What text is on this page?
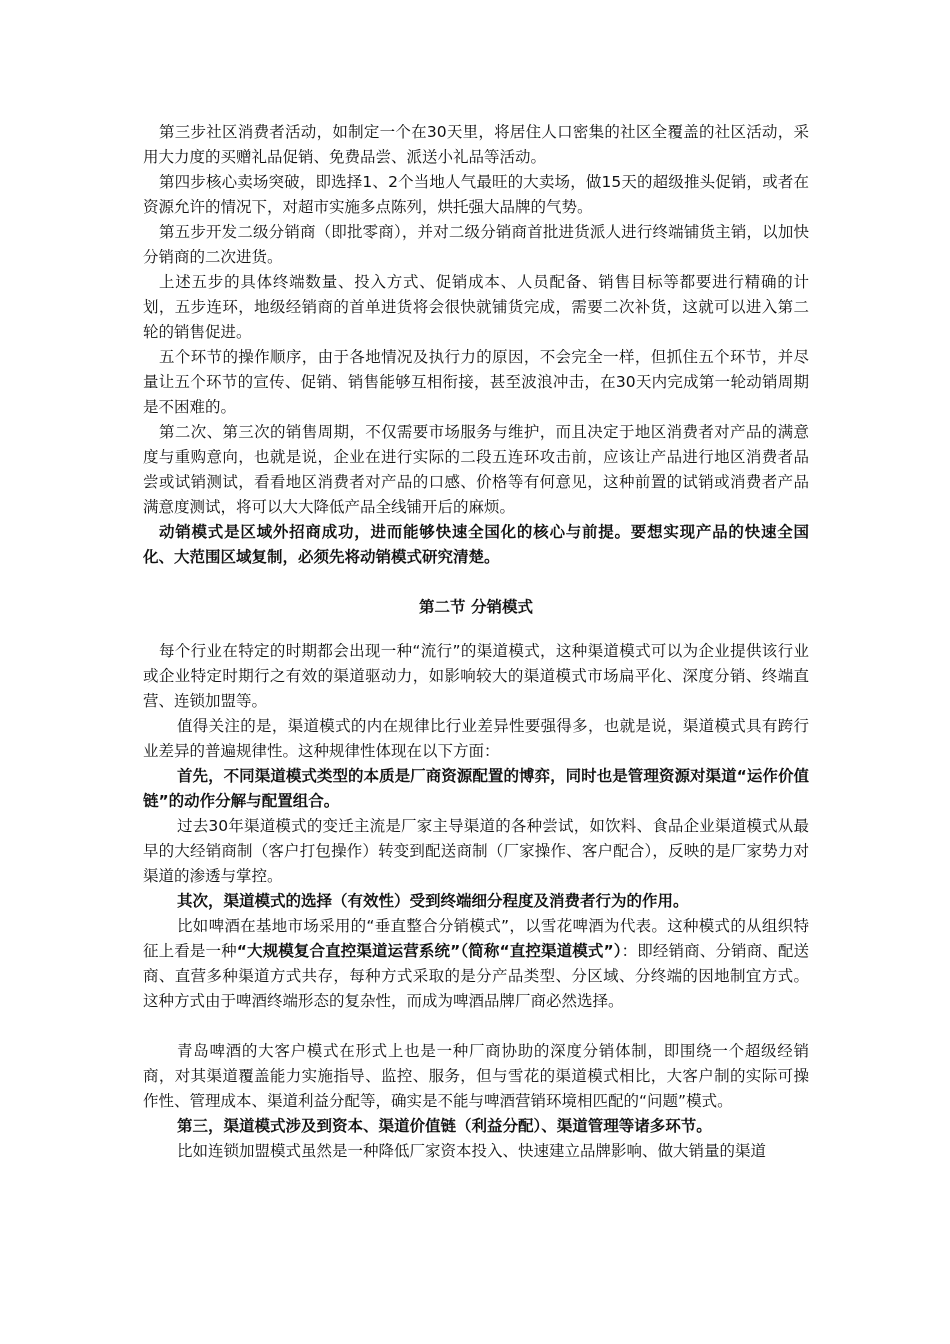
第三步社区消费者活动，如制定一个在30天里，将居住人口密集的社区全覆盖的社区活动，采用大力度的买赠礼品促销、免费品尝、派送小礼品等活动。

第四步核心卖场突破，即选择1、2个当地人气最旺的大卖场，做15天的超级推头促销，或者在资源允许的情况下，对超市实施多点陈列，烘托强大品牌的气势。

第五步开发二级分销商（即批零商），并对二级分销商首批进货派人进行终端铺货主销，以加快分销商的二次进货。

上述五步的具体终端数量、投入方式、促销成本、人员配备、销售目标等都要进行精确的计划，五步连环，地级经销商的首单进货将会很快就铺货完成，需要二次补货，这就可以进入第二轮的销售促进。

五个环节的操作顺序，由于各地情况及执行力的原因，不会完全一样，但抓住五个环节，并尽量让五个环节的宣传、促销、销售能够互相衔接，甚至波浪冲击，在30天内完成第一轮动销周期是不困难的。

第二次、第三次的销售周期，不仅需要市场服务与维护，而且决定于地区消费者对产品的满意度与重购意向，也就是说，企业在进行实际的二段五连环攻击前，应该让产品进行地区消费者品尝或试销测试，看看地区消费者对产品的口感、价格等有何意见，这种前置的试销或消费者产品满意度测试，将可以大大降低产品全线铺开后的麻烦。

动销模式是区域外招商成功，进而能够快速全国化的核心与前提。要想实现产品的快速全国化、大范围区域复制，必须先将动销模式研究清楚。

第二节 分销模式

每个行业在特定的时期都会出现一种“流行”的渠道模式，这种渠道模式可以为企业提供该行业或企业特定时期行之有效的渠道驱动力，如影响较大的渠道模式市场扁平化、深度分销、终端直营、连锁加盟等。

值得关注的是，渠道模式的内在规律比行业差异性要强得多，也就是说，渠道模式具有跨行业差异的普遍规律性。这种规律性体现在以下方面：

首先，不同渠道模式类型的本质是厂商资源配置的博弈，同时也是管理资源对渠道“运作价值链”的动作分解与配置组合。

过去30年渠道模式的变迁主流是厂家主导渠道的各种尝试，如饮料、食品企业渠道模式从最早的大经销商制（客户打包操作）转变到配送商制（厂家操作、客户配合），反映的是厂家势力对渠道的渗透与掌控。

其次，渠道模式的选择（有效性）受到终端细分程度及消费者行为的作用。

比如啤酒在基地市场采用的“垂直整合分销模式”，以雪花啤酒为代表。这种模式的从组织特征上看是一种“大规模复合直控渠道运营系统”（简称“直控渠道模式”）：即经销商、分销商、配送商、直营多种渠道方式共存，每种方式采取的是分产品类型、分区域、分终端的因地制宜方式。这种方式由于啤酒终端形态的复杂性，而成为啤酒品牌厂商必然选择。

青岛啤酒的大客户模式在形式上也是一种厂商协助的深度分销体制，即围绕一个超级经销商，对其渠道覆盖能力实施指导、监控、服务，但与雪花的渠道模式相比，大客户制的实际可操作性、管理成本、渠道利益分配等，确实是不能与啤酒营销环境相匹配的“问题”模式。

第三，渠道模式涉及到资本、渠道价值链（利益分配）、渠道管理等诸多环节。

比如连锁加盟模式虽然是一种降低厂家资本投入、快速建立品牌影响、做大销量的渠道
